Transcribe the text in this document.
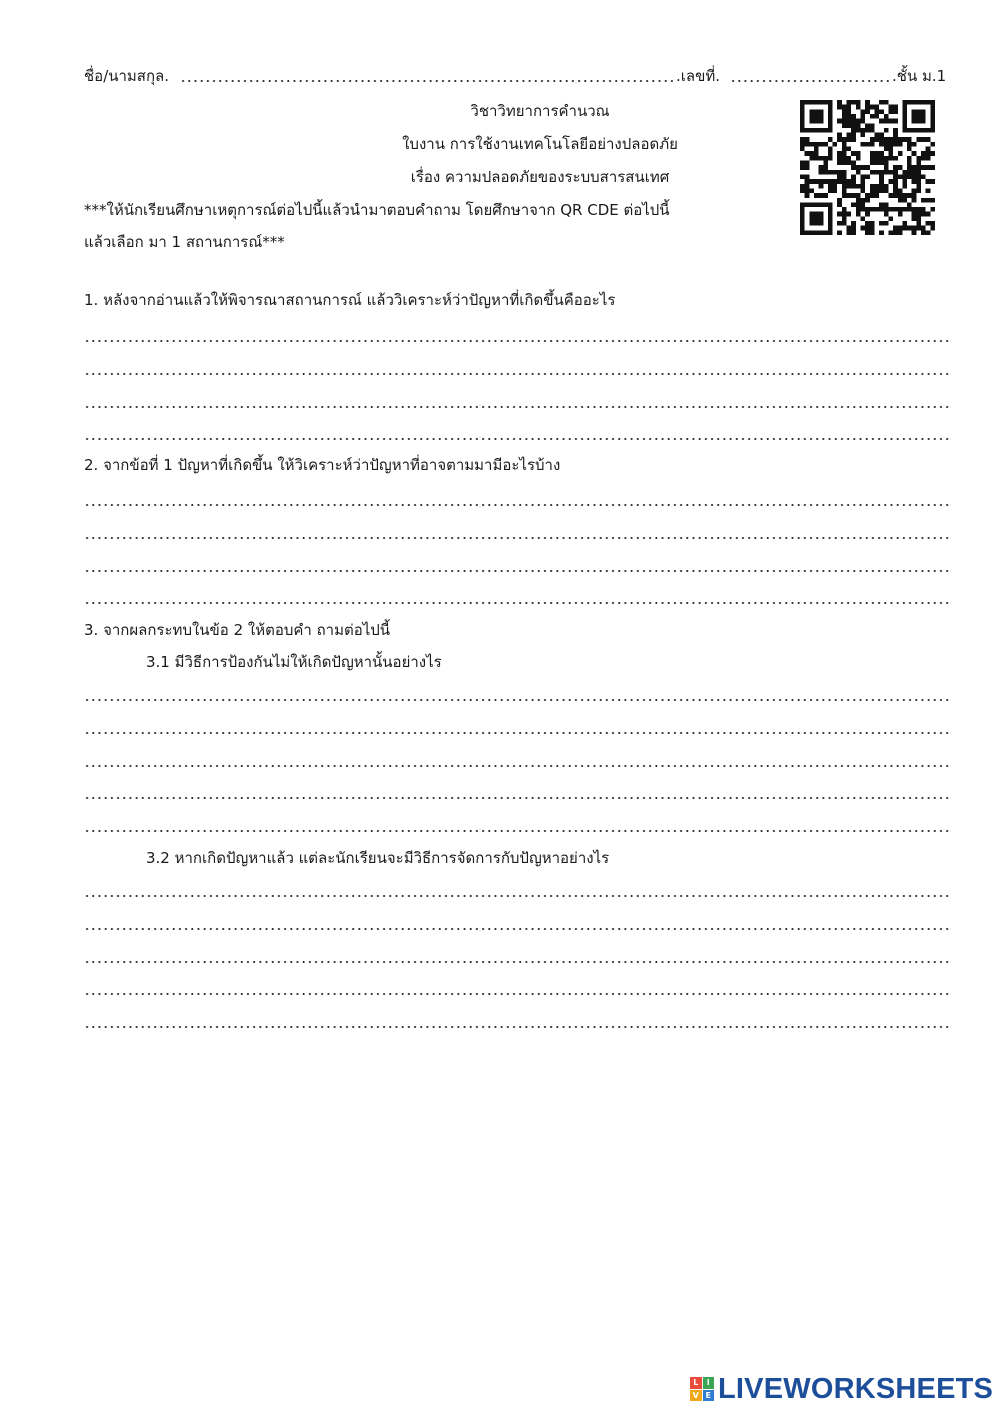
ชื่อ/นามสกุล.	.เลขที่.	.ชั้น ม.1
วิชาวิทยาการคำนวณ
ใบงาน การใช้งานเทคโนโลยีอย่างปลอดภัย
เรื่อง ความปลอดภัยของระบบสารสนเทศ
***ให้นักเรียนศึกษาเหตุการณ์ต่อไปนี้แล้วนำมาตอบคำถาม โดยศึกษาจาก QR CDE ต่อไปนี้
แล้วเลือก มา 1 สถานการณ์***
1. หลังจากอ่านแล้วให้พิจารณาสถานการณ์ แล้ววิเคราะห์ว่าปัญหาที่เกิดขึ้นคืออะไร
2. จากข้อที่ 1 ปัญหาที่เกิดขึ้น ให้วิเคราะห์ว่าปัญหาที่อาจตามมามีอะไรบ้าง
3. จากผลกระทบในข้อ 2 ให้ตอบคำ ถามต่อไปนี้
3.1 มีวิธีการป้องกันไม่ให้เกิดปัญหานั้นอย่างไร
3.2 หากเกิดปัญหาแล้ว แต่ละนักเรียนจะมีวิธีการจัดการกับปัญหาอย่างไร
L	I
V E LIVEWORKSHEETS
